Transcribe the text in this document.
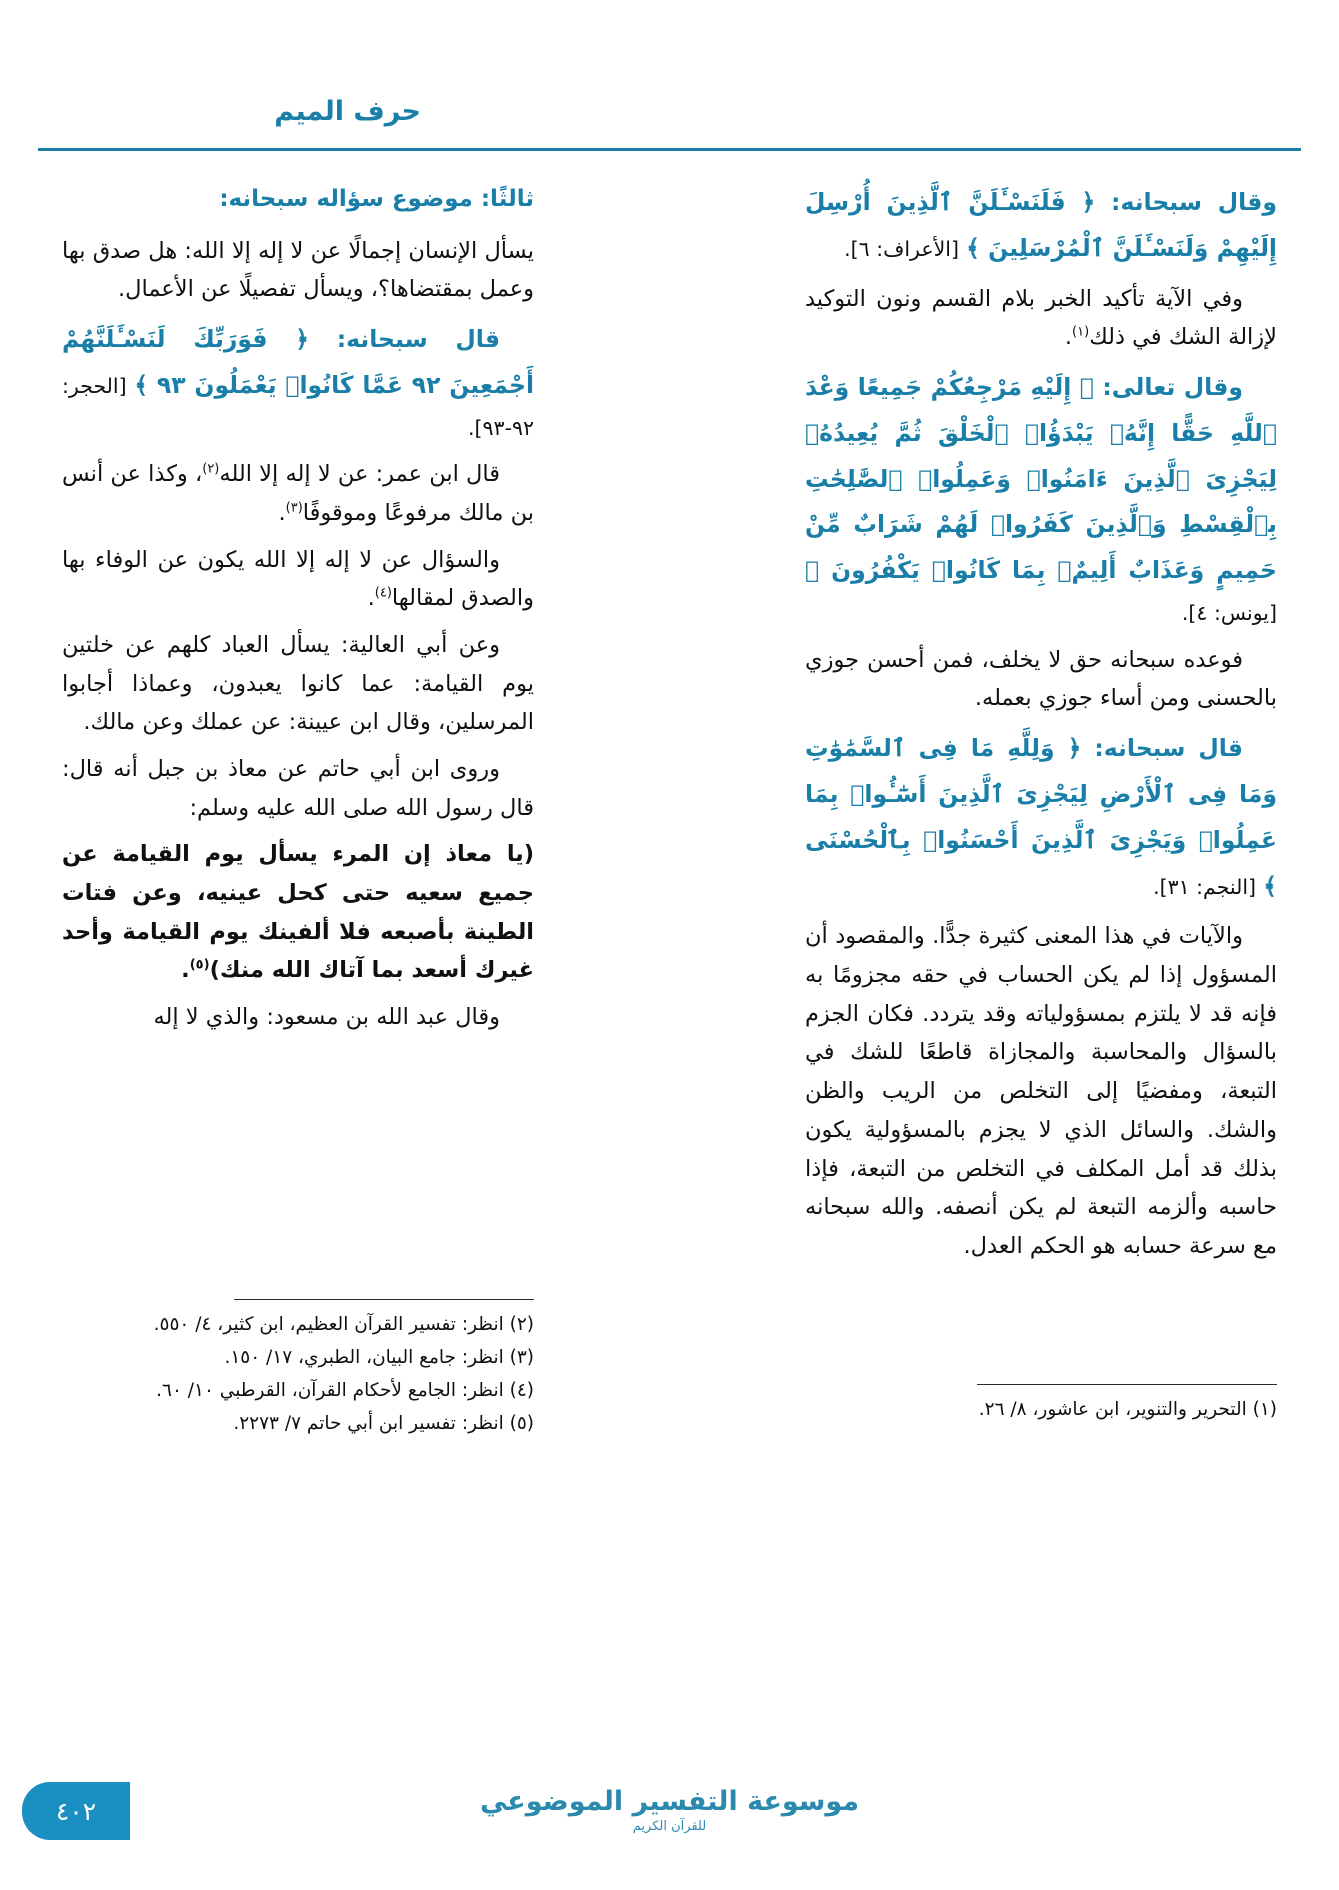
حرف الميم

وقال سبحانه: ﴿ فَلَنَسْـَٔلَنَّ ٱلَّذِينَ أُرْسِلَ إِلَيْهِمْ وَلَنَسْـَٔلَنَّ ٱلْمُرْسَلِينَ ﴾ [الأعراف: ٦].

وفي الآية تأكيد الخبر بلام القسم ونون التوكيد لإزالة الشك في ذلك$^{(١)}$.

وقال تعالى: ﴿ إِلَيْهِ مَرْجِعُكُمْ جَمِيعًا وَعْدَ ٱللَّهِ حَقًّا إِنَّهُۥ يَبْدَؤُا۟ ٱلْخَلْقَ ثُمَّ يُعِيدُهُۥ لِيَجْزِىَ ٱلَّذِينَ ءَامَنُوا۟ وَعَمِلُوا۟ ٱلصَّٰلِحَٰتِ بِٱلْقِسْطِ وَٱلَّذِينَ كَفَرُوا۟ لَهُمْ شَرَابٌ مِّنْ حَمِيمٍ وَعَذَابٌ أَلِيمٌۢ بِمَا كَانُوا۟ يَكْفُرُونَ ﴾ [يونس: ٤].

فوعده سبحانه حق لا يخلف، فمن أحسن جوزي بالحسنى ومن أساء جوزي بعمله.

قال سبحانه: ﴿ وَلِلَّهِ مَا فِى ٱلسَّمَٰوَٰتِ وَمَا فِى ٱلْأَرْضِ لِيَجْزِىَ ٱلَّذِينَ أَسَٰٓـُٔوا۟ بِمَا عَمِلُوا۟ وَيَجْزِىَ ٱلَّذِينَ أَحْسَنُوا۟ بِٱلْحُسْنَى ﴾ [النجم: ٣١].

والآيات في هذا المعنى كثيرة جدًّا. والمقصود أن المسؤول إذا لم يكن الحساب في حقه مجزومًا به فإنه قد لا يلتزم بمسؤولياته وقد يتردد. فكان الجزم بالسؤال والمحاسبة والمجازاة قاطعًا للشك في التبعة، ومفضيًا إلى التخلص من الريب والظن والشك. والسائل الذي لا يجزم بالمسؤولية يكون بذلك قد أمل المكلف في التخلص من التبعة، فإذا حاسبه وألزمه التبعة لم يكن أنصفه. والله سبحانه مع سرعة حسابه هو الحكم العدل.

ثالثًا: موضوع سؤاله سبحانه:

يسأل الإنسان إجمالًا عن لا إله إلا الله: هل صدق بها وعمل بمقتضاها؟، ويسأل تفصيلًا عن الأعمال.

قال سبحانه: ﴿ فَوَرَبِّكَ لَنَسْـَٔلَنَّهُمْ أَجْمَعِينَ ٩٢ عَمَّا كَانُوا۟ يَعْمَلُونَ ٩٣ ﴾ [الحجر: ٩٢-٩٣].

قال ابن عمر: عن لا إله إلا الله$^{(٢)}$، وكذا عن أنس بن مالك مرفوعًا وموقوفًا$^{(٣)}$.

والسؤال عن لا إله إلا الله يكون عن الوفاء بها والصدق لمقالها$^{(٤)}$.

وعن أبي العالية: يسأل العباد كلهم عن خلتين يوم القيامة: عما كانوا يعبدون، وعماذا أجابوا المرسلين، وقال ابن عيينة: عن عملك وعن مالك.

وروى ابن أبي حاتم عن معاذ بن جبل أنه قال: قال رسول الله صلى الله عليه وسلم:

(يا معاذ إن المرء يسأل يوم القيامة عن جميع سعيه حتى كحل عينيه، وعن فتات الطينة بأصبعه فلا ألفينك يوم القيامة وأحد غيرك أسعد بما آتاك الله منك)$^{(٥)}$.

وقال عبد الله بن مسعود: والذي لا إله

(١) التحرير والتنوير، ابن عاشور، ٨/ ٢٦.
(٢) انظر: تفسير القرآن العظيم، ابن كثير، ٤/ ٥٥٠.
(٣) انظر: جامع البيان، الطبري، ١٧/ ١٥٠.
(٤) انظر: الجامع لأحكام القرآن، القرطبي ١٠/ ٦٠.
(٥) انظر: تفسير ابن أبي حاتم ٧/ ٢٢٧٣.
موسوعة التفسير الموضوعي
للقرآن الكريم
٤٠٢
